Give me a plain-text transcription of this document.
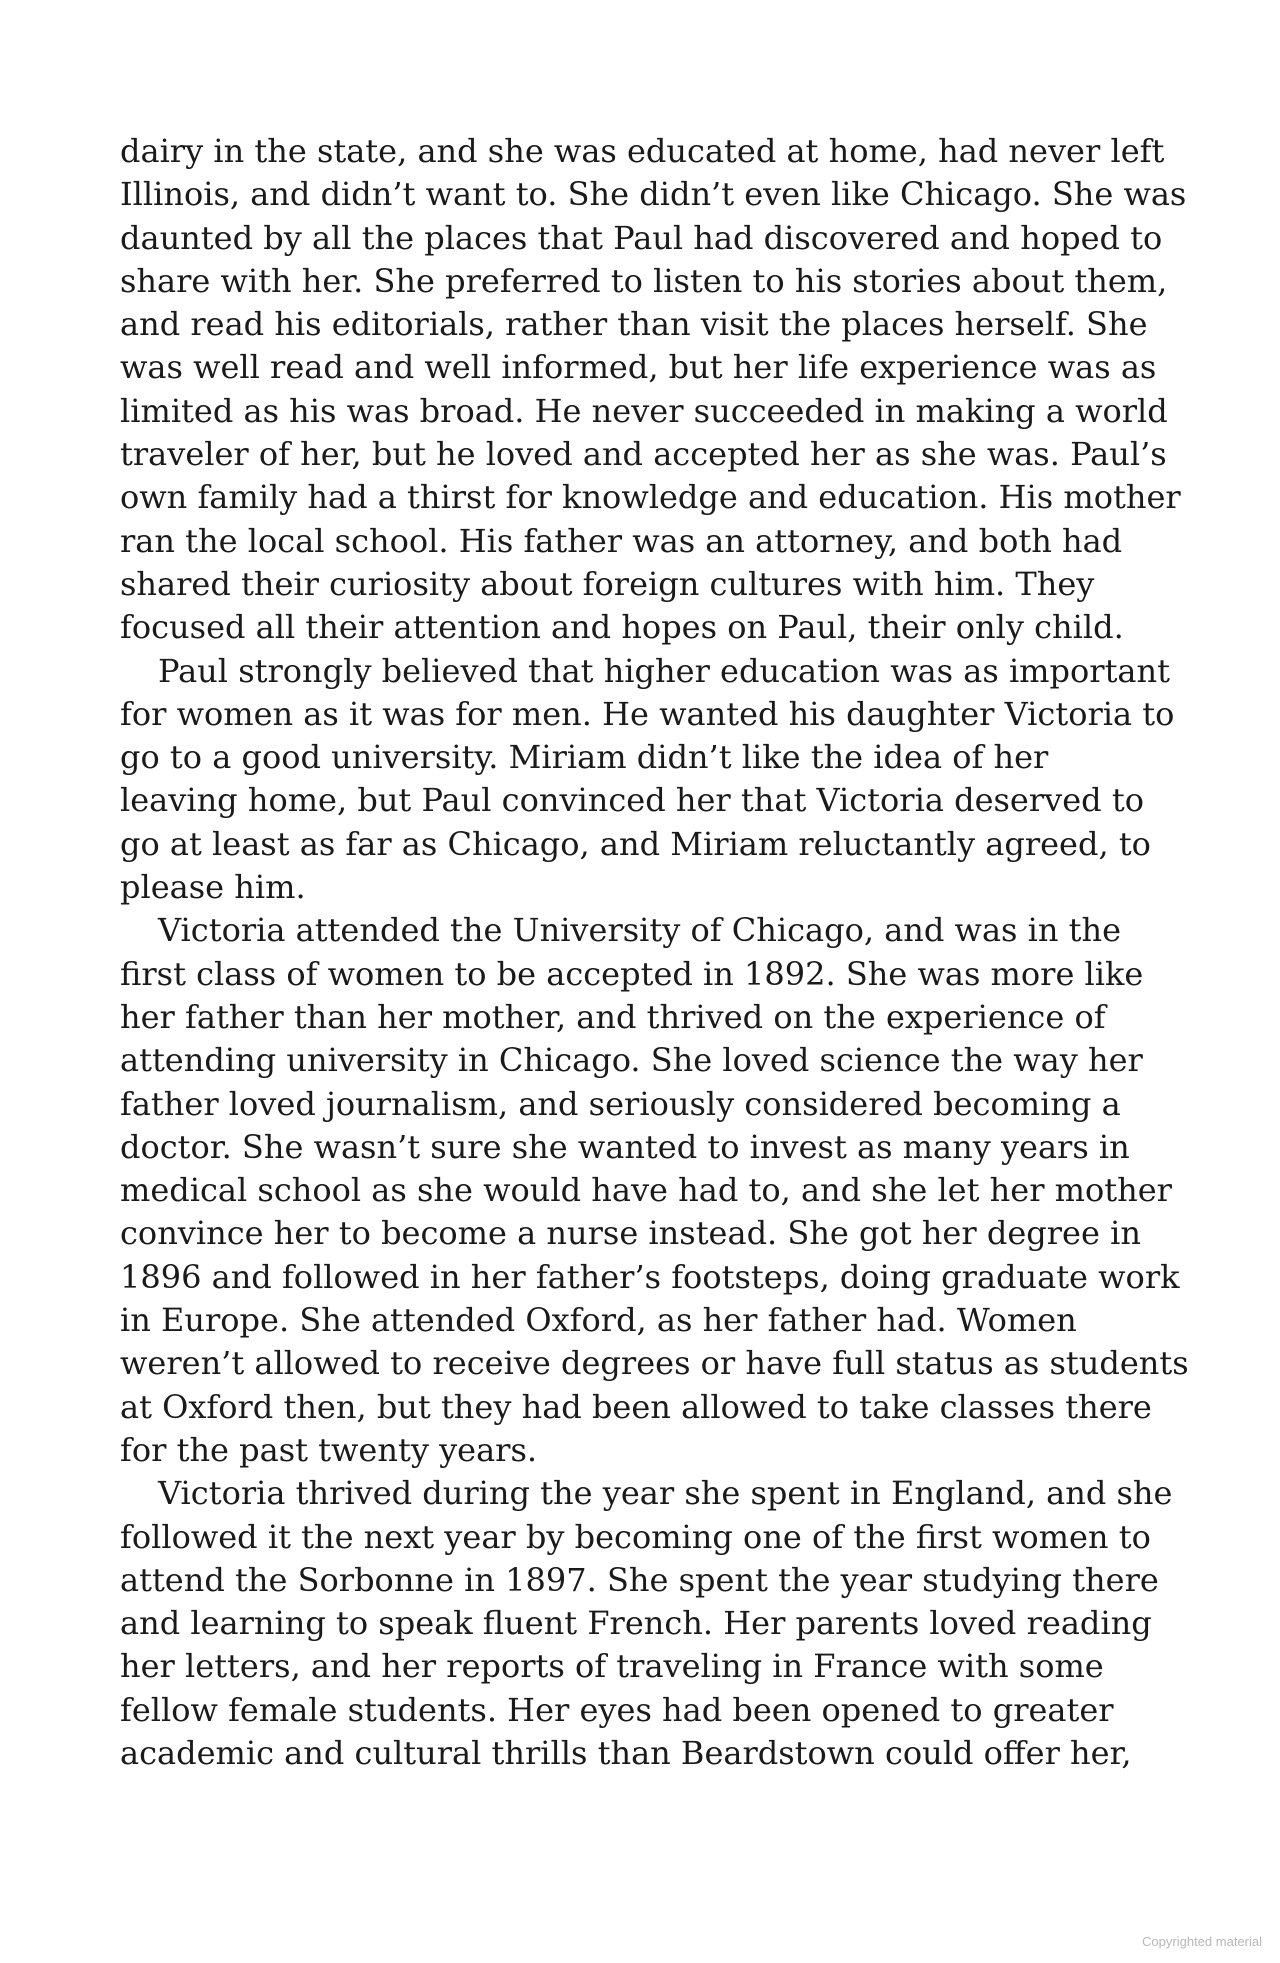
dairy in the state, and she was educated at home, had never left
Illinois, and didn’t want to. She didn’t even like Chicago. She was
daunted by all the places that Paul had discovered and hoped to
share with her. She preferred to listen to his stories about them,
and read his editorials, rather than visit the places herself. She
was well read and well informed, but her life experience was as
limited as his was broad. He never succeeded in making a world
traveler of her, but he loved and accepted her as she was. Paul’s
own family had a thirst for knowledge and education. His mother
ran the local school. His father was an attorney, and both had
shared their curiosity about foreign cultures with him. They
focused all their attention and hopes on Paul, their only child.
Paul strongly believed that higher education was as important
for women as it was for men. He wanted his daughter Victoria to
go to a good university. Miriam didn’t like the idea of her
leaving home, but Paul convinced her that Victoria deserved to
go at least as far as Chicago, and Miriam reluctantly agreed, to
please him.
Victoria attended the University of Chicago, and was in the
first class of women to be accepted in 1892. She was more like
her father than her mother, and thrived on the experience of
attending university in Chicago. She loved science the way her
father loved journalism, and seriously considered becoming a
doctor. She wasn’t sure she wanted to invest as many years in
medical school as she would have had to, and she let her mother
convince her to become a nurse instead. She got her degree in
1896 and followed in her father’s footsteps, doing graduate work
in Europe. She attended Oxford, as her father had. Women
weren’t allowed to receive degrees or have full status as students
at Oxford then, but they had been allowed to take classes there
for the past twenty years.
Victoria thrived during the year she spent in England, and she
followed it the next year by becoming one of the first women to
attend the Sorbonne in 1897. She spent the year studying there
and learning to speak fluent French. Her parents loved reading
her letters, and her reports of traveling in France with some
fellow female students. Her eyes had been opened to greater
academic and cultural thrills than Beardstown could offer her,
Copyrighted material
